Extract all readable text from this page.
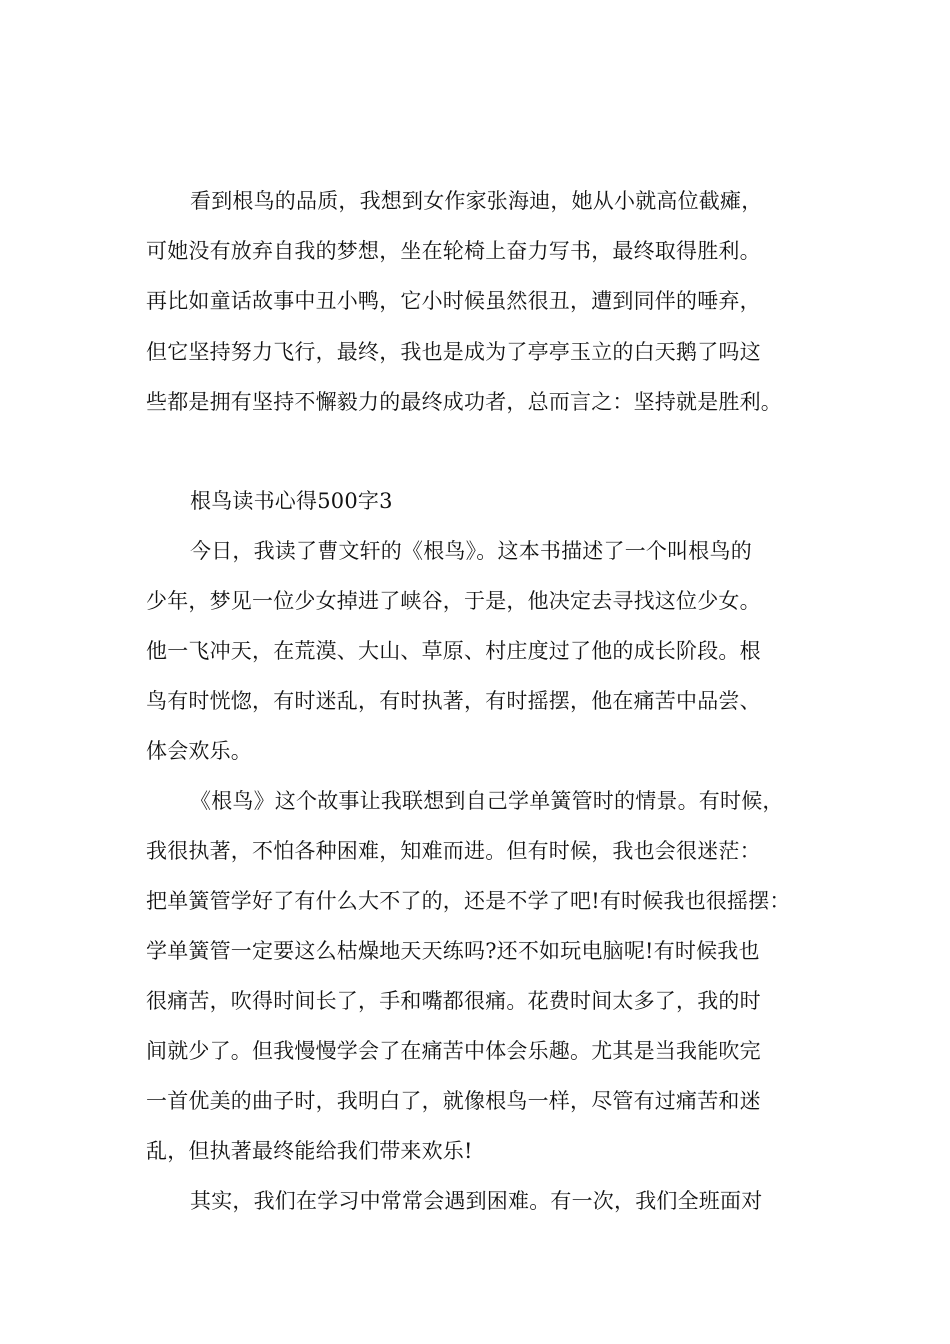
看到根鸟的品质，我想到女作家张海迪，她从小就高位截瘫，
可她没有放弃自我的梦想，坐在轮椅上奋力写书，最终取得胜利。
再比如童话故事中丑小鸭，它小时候虽然很丑，遭到同伴的唾弃，
但它坚持努力飞行，最终，我也是成为了亭亭玉立的白天鹅了吗这
些都是拥有坚持不懈毅力的最终成功者，总而言之：坚持就是胜利。
根鸟读书心得500字3
今日，我读了曹文轩的《根鸟》。这本书描述了一个叫根鸟的
少年，梦见一位少女掉进了峡谷，于是，他决定去寻找这位少女。
他一飞冲天，在荒漠、大山、草原、村庄度过了他的成长阶段。根
鸟有时恍惚，有时迷乱，有时执著，有时摇摆，他在痛苦中品尝、
体会欢乐。
《根鸟》这个故事让我联想到自己学单簧管时的情景。有时候，
我很执著，不怕各种困难，知难而进。但有时候，我也会很迷茫：
把单簧管学好了有什么大不了的，还是不学了吧!有时候我也很摇摆：
学单簧管一定要这么枯燥地天天练吗?还不如玩电脑呢!有时候我也
很痛苦，吹得时间长了，手和嘴都很痛。花费时间太多了，我的时
间就少了。但我慢慢学会了在痛苦中体会乐趣。尤其是当我能吹完
一首优美的曲子时，我明白了，就像根鸟一样，尽管有过痛苦和迷
乱，但执著最终能给我们带来欢乐!
其实，我们在学习中常常会遇到困难。有一次，我们全班面对
